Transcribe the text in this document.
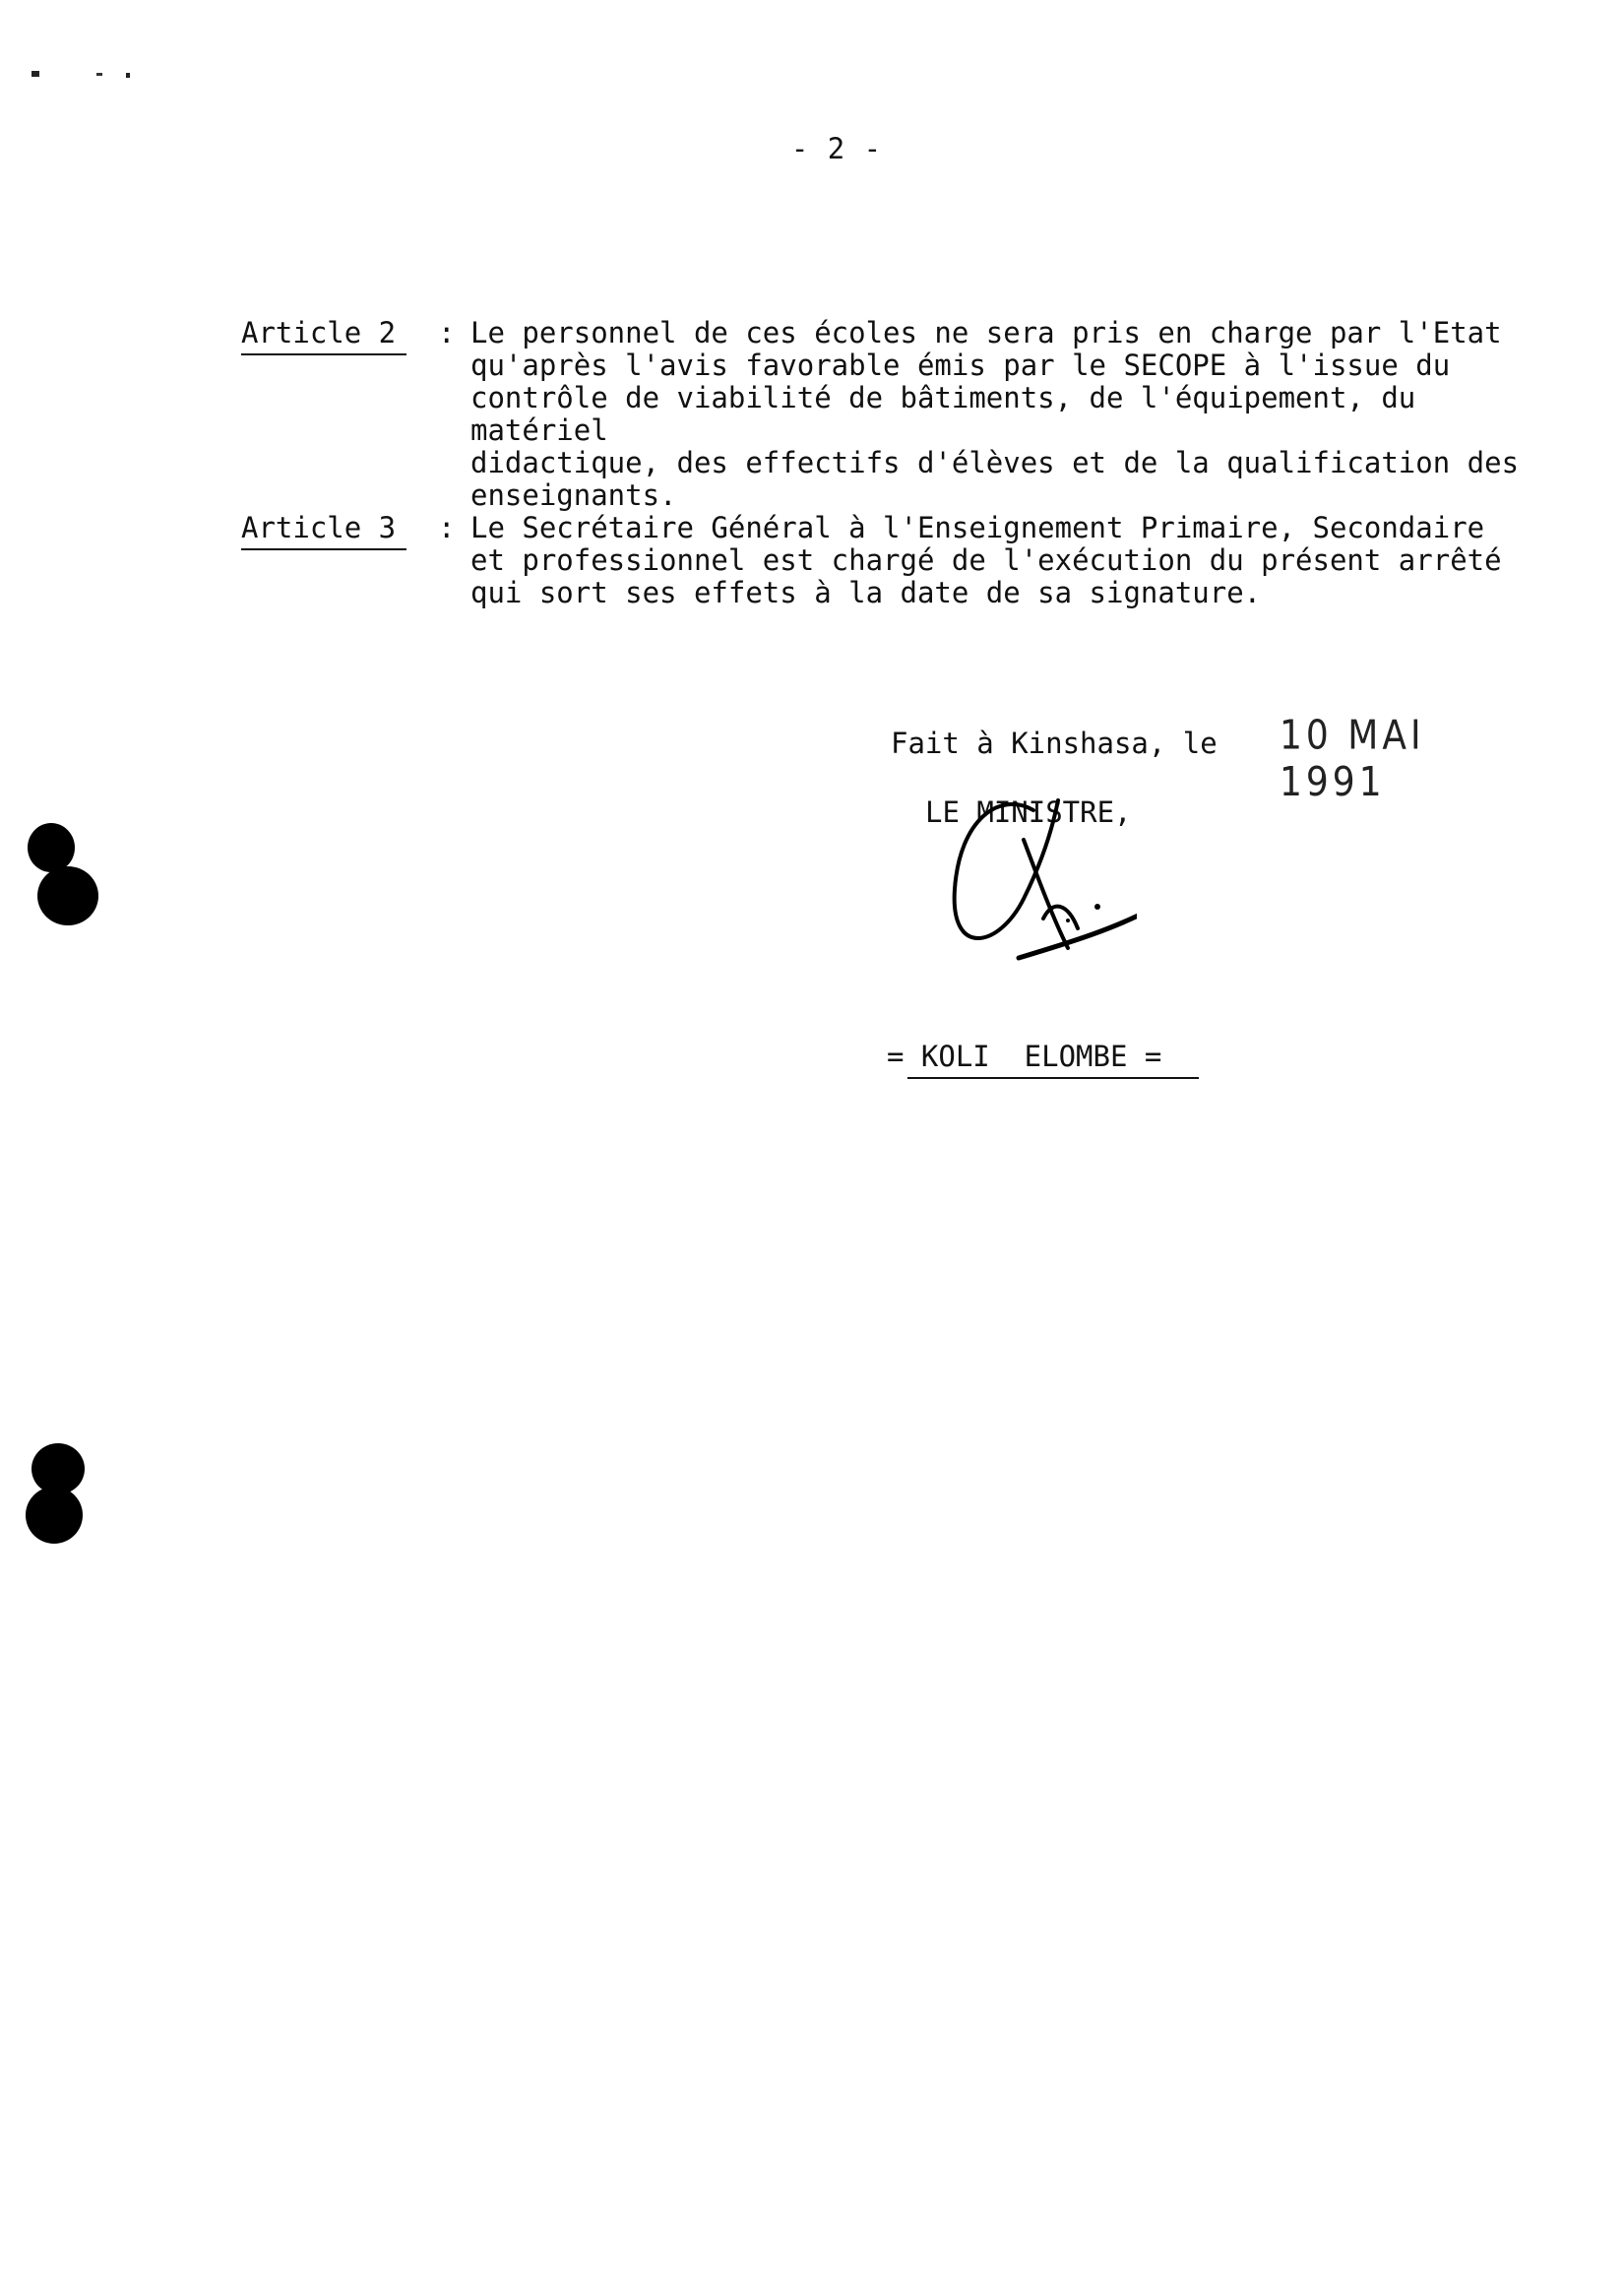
- 2 -
Article 2	: Le personnel de ces écoles ne sera pris en charge par l'Etat
qu'après l'avis favorable émis par le SECOPE à l'issue du
contrôle de viabilité de bâtiments, de l'équipement, du matériel
didactique, des effectifs d'élèves et de la qualification des
enseignants.
Article 3	: Le Secrétaire Général à l'Enseignement Primaire, Secondaire
et professionnel est chargé de l'exécution du présent arrêté
qui sort ses effets à la date de sa signature.
Fait à Kinshasa, le 10 MAI 1991
LE MINISTRE,
= KOLI  ELOMBE =
